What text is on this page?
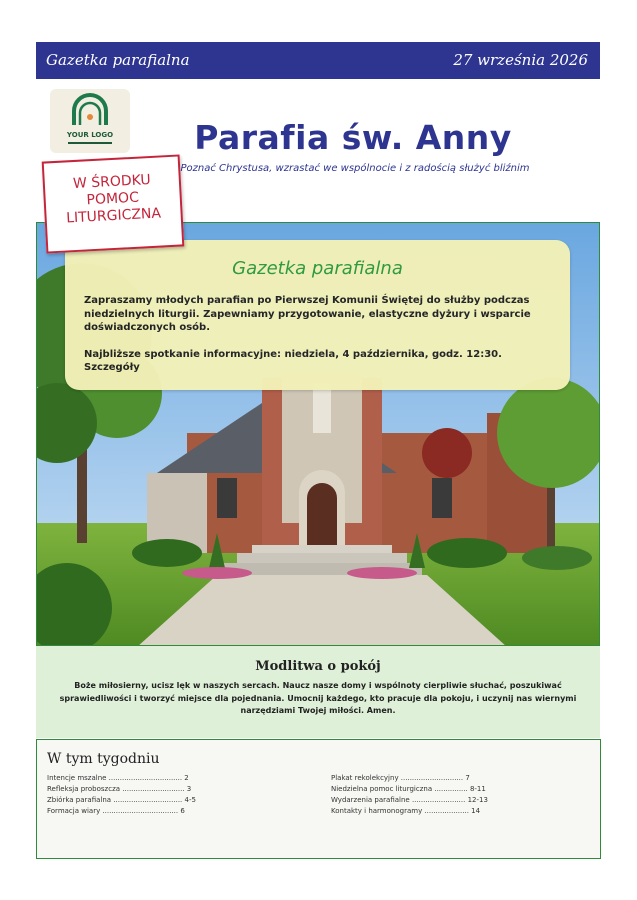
Gazetka parafialna	27 września 2026
YOUR LOGO	Parafia św. Anny
Poznać Chrystusa, wzrastać we wspólnocie i z radością służyć bliźnim
W ŚRODKU
POMOC
LITURGICZNA
Gazetka parafialna

Zapraszamy młodych parafian po Pierwszej Komunii Świętej do służby podczas niedzielnych liturgii. Zapewniamy przygotowanie, elastyczne dyżury i wsparcie doświadczonych osób.

Najbliższe spotkanie informacyjne: niedziela, 4 października, godz. 12:30. Szczegóły

Modlitwa o pokój
Boże miłosierny, ucisz lęk w naszych sercach. Naucz nasze domy i wspólnoty cierpliwie słuchać, poszukiwać sprawiedliwości i tworzyć miejsce dla pojednania. Umocnij każdego, kto pracuje dla pokoju, i uczynij nas wiernymi narzędziami Twojej miłości. Amen.
W tym tygodniu
Intencje mszalne ................................. 2
Refleksja proboszcza ............................ 3
Zbiórka parafialna ............................... 4-5
Formacja wiary .................................. 6
Plakat rekolekcyjny ............................ 7
Niedzielna pomoc liturgiczna ............... 8-11
Wydarzenia parafialne ........................ 12-13
Kontakty i harmonogramy .................... 14
